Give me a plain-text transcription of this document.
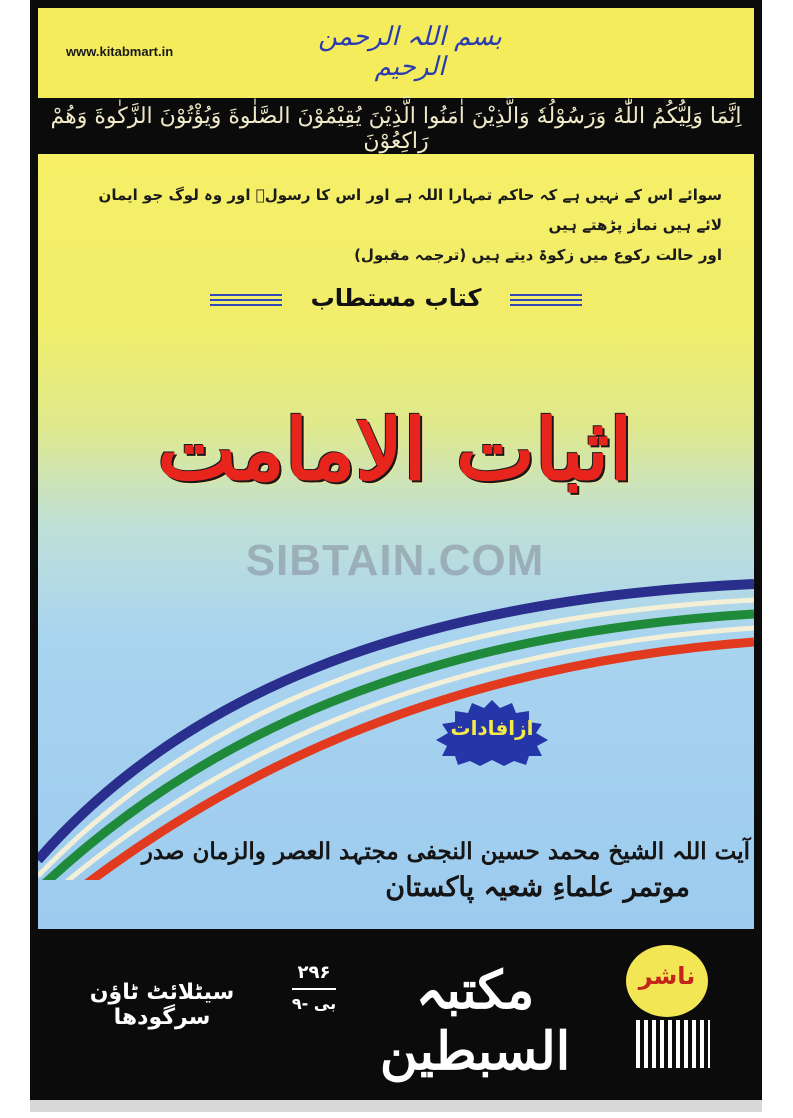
www.kitabmart.in	بسم اللہ الرحمن الرحیم
اِنَّمَا وَلِيُّكُمُ اللّٰهُ وَرَسُوْلُهٗ وَالَّذِيْنَ اٰمَنُوا الَّذِيْنَ يُقِيْمُوْنَ الصَّلٰوةَ وَيُؤْتُوْنَ الزَّكٰوةَ وَهُمْ رَاكِعُوْنَ
سوائے اس کے نہیں ہے کہ حاکم تمہارا اللہ ہے اور اس کا رسولؐ اور وہ لوگ جو ایمان لائے ہیں نماز پڑھتے ہیں
اور حالت رکوع میں زکوۃ دیتے ہیں (ترجمہ مقبول)
کتاب مستطاب
اثبات الامامت
SIBTAIN.COM
ازافادات
آیت اللہ الشیخ محمد حسین النجفی مجتہد العصر والزمان صدر
موتمر علماءِ شعیہ پاکستان
مکتبہ السبطین
۲۹۶
۹- بی
سیٹلائٹ ٹاؤن سرگودھا
ناشر
